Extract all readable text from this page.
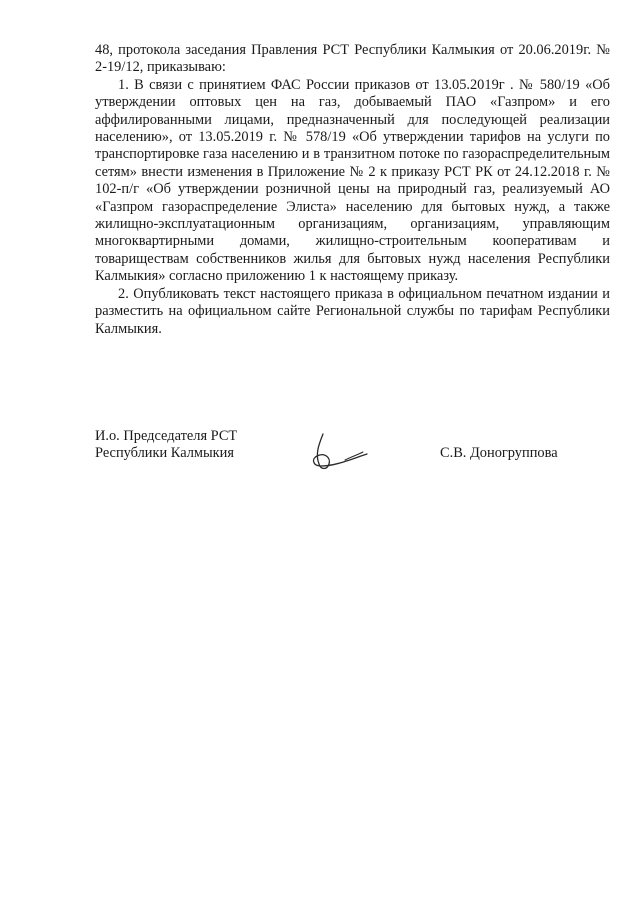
48, протокола заседания Правления РСТ Республики Калмыкия от 20.06.2019г. № 2-19/12, приказываю:

1. В связи с принятием ФАС России приказов от 13.05.2019г . № 580/19 «Об утверждении оптовых цен на газ, добываемый ПАО «Газпром» и его аффилированными лицами, предназначенный для последующей реализации населению», от 13.05.2019 г. № 578/19 «Об утверждении тарифов на услуги по транспортировке газа населению и в транзитном потоке по газораспределительным сетям» внести изменения в Приложение № 2 к приказу РСТ РК от 24.12.2018 г. № 102-п/г «Об утверждении розничной цены на природный газ, реализуемый АО «Газпром газораспределение Элиста» населению для бытовых нужд, а также жилищно-эксплуатационным организациям, организациям, управляющим многоквартирными домами, жилищно-строительным кооперативам и товариществам собственников жилья для бытовых нужд населения Республики Калмыкия» согласно приложению 1 к настоящему приказу.

2. Опубликовать текст настоящего приказа в официальном печатном издании и разместить на официальном сайте Региональной службы по тарифам Республики Калмыкия.

И.о. Председателя РСТ
Республики Калмыкия	С.В. Доногруппова
